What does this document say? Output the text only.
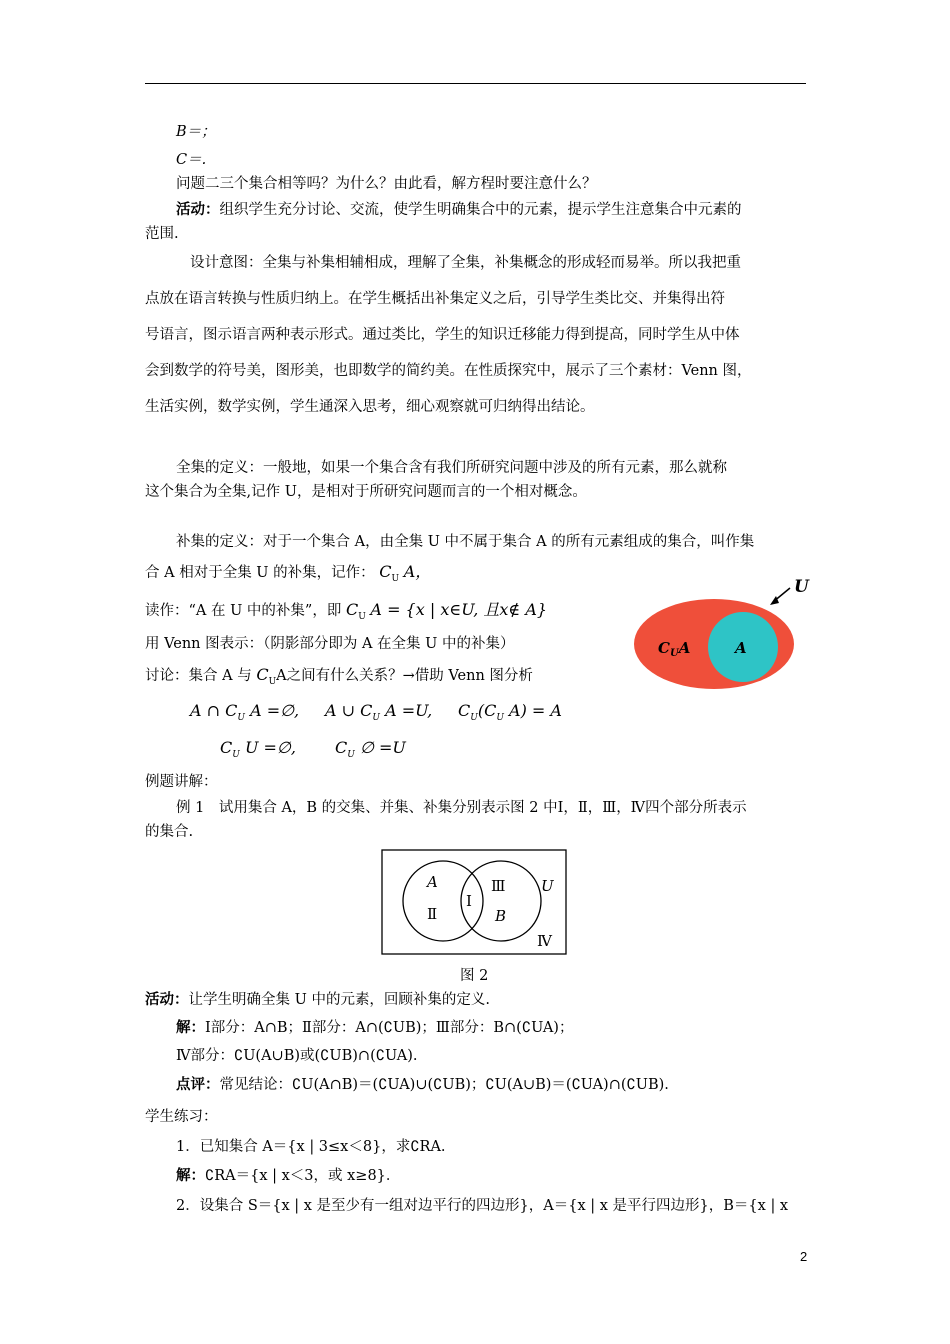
B＝；
C＝.
问题二三个集合相等吗？为什么？由此看，解方程时要注意什么？
活动：组织学生充分讨论、交流，使学生明确集合中的元素，提示学生注意集合中元素的
范围.
设计意图：全集与补集相辅相成，理解了全集，补集概念的形成轻而易举。所以我把重
点放在语言转换与性质归纳上。在学生概括出补集定义之后，引导学生类比交、并集得出符
号语言，图示语言两种表示形式。通过类比，学生的知识迁移能力得到提高，同时学生从中体
会到数学的符号美，图形美，也即数学的简约美。在性质探究中，展示了三个素材：Venn 图，
生活实例，数学实例，学生通深入思考，细心观察就可归纳得出结论。
全集的定义：一般地，如果一个集合含有我们所研究问题中涉及的所有元素，那么就称
这个集合为全集,记作 U，是相对于所研究问题而言的一个相对概念。
补集的定义：对于一个集合 A，由全集 U 中不属于集合 A 的所有元素组成的集合，叫作集
合 A 相对于全集 U 的补集，记作： $C_U$ A，
读作：“A 在 U 中的补集”，即 $C_U$ A = {x | x∈U, 且x∉ A}
用 Venn 图表示：（阴影部分即为 A 在全集 U 中的补集）
讨论：集合 A 与 $C_UA$之间有什么关系？→借助 Venn 图分析
A ∩ $C_U$ A =∅, A ∪ $C_U$ A =U, $C_U(C_U$ A) = A
$C_U$ U =∅, $C_U$ ∅ =U
U
$C_UA$	A
例题讲解：
例 1　试用集合 A，B 的交集、并集、补集分别表示图 2 中Ⅰ，Ⅱ，Ⅲ，Ⅳ四个部分所表示
的集合.
A
Ⅱ
Ⅰ
Ⅲ
B
U
Ⅳ
图 2
活动：让学生明确全集 U 中的元素，回顾补集的定义.
解：Ⅰ部分：A∩B；Ⅱ部分：A∩(∁UB)；Ⅲ部分：B∩(∁UA)；
Ⅳ部分：∁U(A∪B)或(∁UB)∩(∁UA).
点评：常见结论：∁U(A∩B)＝(∁UA)∪(∁UB)；∁U(A∪B)＝(∁UA)∩(∁UB).
学生练习：
1．已知集合 A＝{x | 3≤x＜8}，求∁RA.
解：∁RA＝{x | x＜3，或 x≥8}．
2．设集合 S＝{x | x 是至少有一组对边平行的四边形}，A＝{x | x 是平行四边形}，B＝{x | x
2
